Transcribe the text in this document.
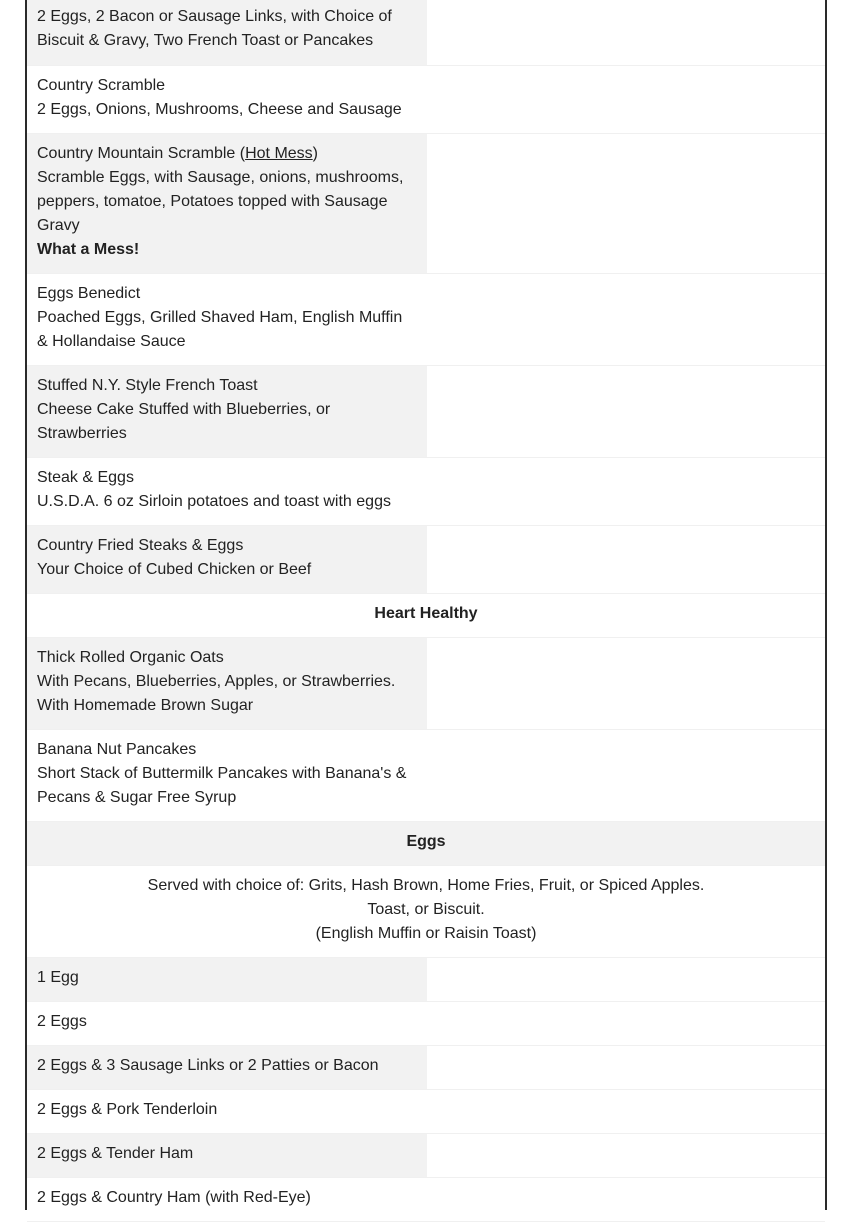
2 Eggs, 2 Bacon or Sausage Links, with Choice of
Biscuit & Gravy, Two French Toast or Pancakes	

Country Scramble
2 Eggs, Onions, Mushrooms, Cheese and Sausage	

Country Mountain Scramble (Hot Mess)
Scramble Eggs, with Sausage, onions, mushrooms, peppers, tomatoe, Potatoes topped with Sausage Gravy
What a Mess!	

Eggs Benedict
Poached Eggs, Grilled Shaved Ham, English Muffin & Hollandaise Sauce	

Stuffed N.Y. Style French Toast
Cheese Cake Stuffed with Blueberries, or Strawberries	

Steak & Eggs
U.S.D.A. 6 oz Sirloin potatoes and toast with eggs	

Country Fried Steaks & Eggs
Your Choice of Cubed Chicken or Beef	

Heart Healthy	

Thick Rolled Organic Oats
With Pecans, Blueberries, Apples, or Strawberries. With Homemade Brown Sugar	

Banana Nut Pancakes
Short Stack of Buttermilk Pancakes with Banana's & Pecans & Sugar Free Syrup	

Eggs	

Served with choice of: Grits, Hash Brown, Home Fries, Fruit, or Spiced Apples.
Toast, or Biscuit.
(English Muffin or Raisin Toast)	

1 Egg	
2 Eggs	
2 Eggs & 3 Sausage Links or 2 Patties or Bacon	
2 Eggs & Pork Tenderloin	
2 Eggs & Tender Ham	
2 Eggs & Country Ham (with Red-Eye)	
